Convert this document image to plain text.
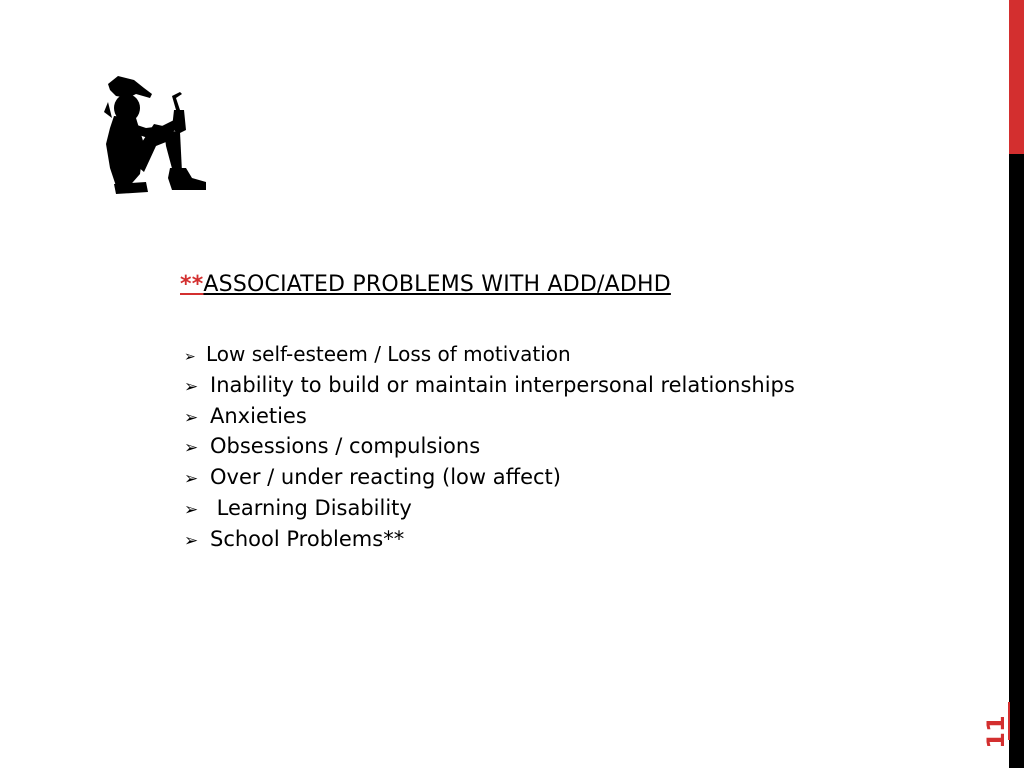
**ASSOCIATED PROBLEMS WITH ADD/ADHD
➢ Low self-esteem / Loss of motivation
➢ Inability to build or maintain interpersonal relationships
➢ Anxieties
➢ Obsessions / compulsions
➢ Over / under reacting (low affect)
➢ Learning Disability
➢ School Problems**
11
